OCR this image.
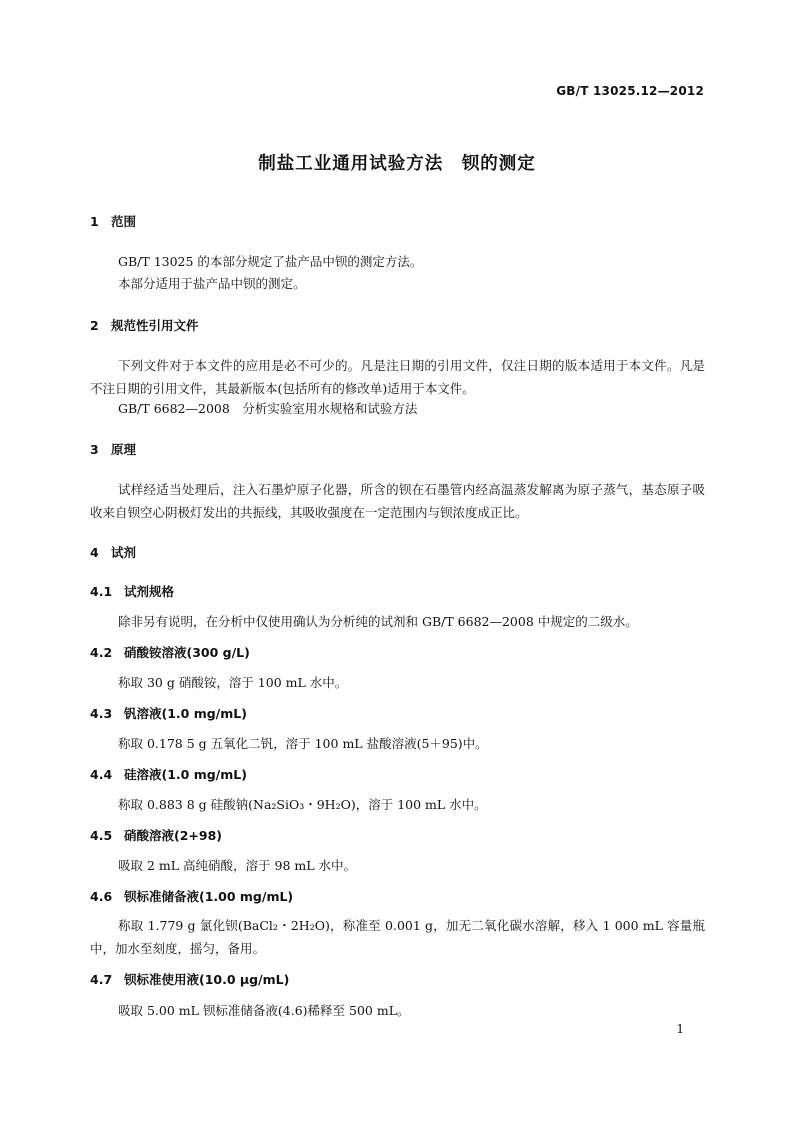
GB/T 13025.12—2012
制盐工业通用试验方法　钡的测定
1 范围
GB/T 13025 的本部分规定了盐产品中钡的测定方法。
本部分适用于盐产品中钡的测定。
2 规范性引用文件
下列文件对于本文件的应用是必不可少的。凡是注日期的引用文件，仅注日期的版本适用于本文件。凡是不注日期的引用文件，其最新版本(包括所有的修改单)适用于本文件。
GB/T 6682—2008　分析实验室用水规格和试验方法
3 原理
试样经适当处理后，注入石墨炉原子化器，所含的钡在石墨管内经高温蒸发解离为原子蒸气，基态原子吸收来自钡空心阴极灯发出的共振线，其吸收强度在一定范围内与钡浓度成正比。
4 试剂
4.1 试剂规格
除非另有说明，在分析中仅使用确认为分析纯的试剂和 GB/T 6682—2008 中规定的二级水。
4.2 硝酸铵溶液(300 g/L)
称取 30 g 硝酸铵，溶于 100 mL 水中。
4.3 钒溶液(1.0 mg/mL)
称取 0.178 5 g 五氧化二钒，溶于 100 mL 盐酸溶液(5＋95)中。
4.4 硅溶液(1.0 mg/mL)
称取 0.883 8 g 硅酸钠(Na₂SiO₃・9H₂O)，溶于 100 mL 水中。
4.5 硝酸溶液(2+98)
吸取 2 mL 高纯硝酸，溶于 98 mL 水中。
4.6 钡标准储备液(1.00 mg/mL)
称取 1.779 g 氯化钡(BaCl₂・2H₂O)，称准至 0.001 g，加无二氧化碳水溶解，移入 1 000 mL 容量瓶中，加水至刻度，摇匀，备用。
4.7 钡标准使用液(10.0 μg/mL)
吸取 5.00 mL 钡标准储备液(4.6)稀释至 500 mL。
1
